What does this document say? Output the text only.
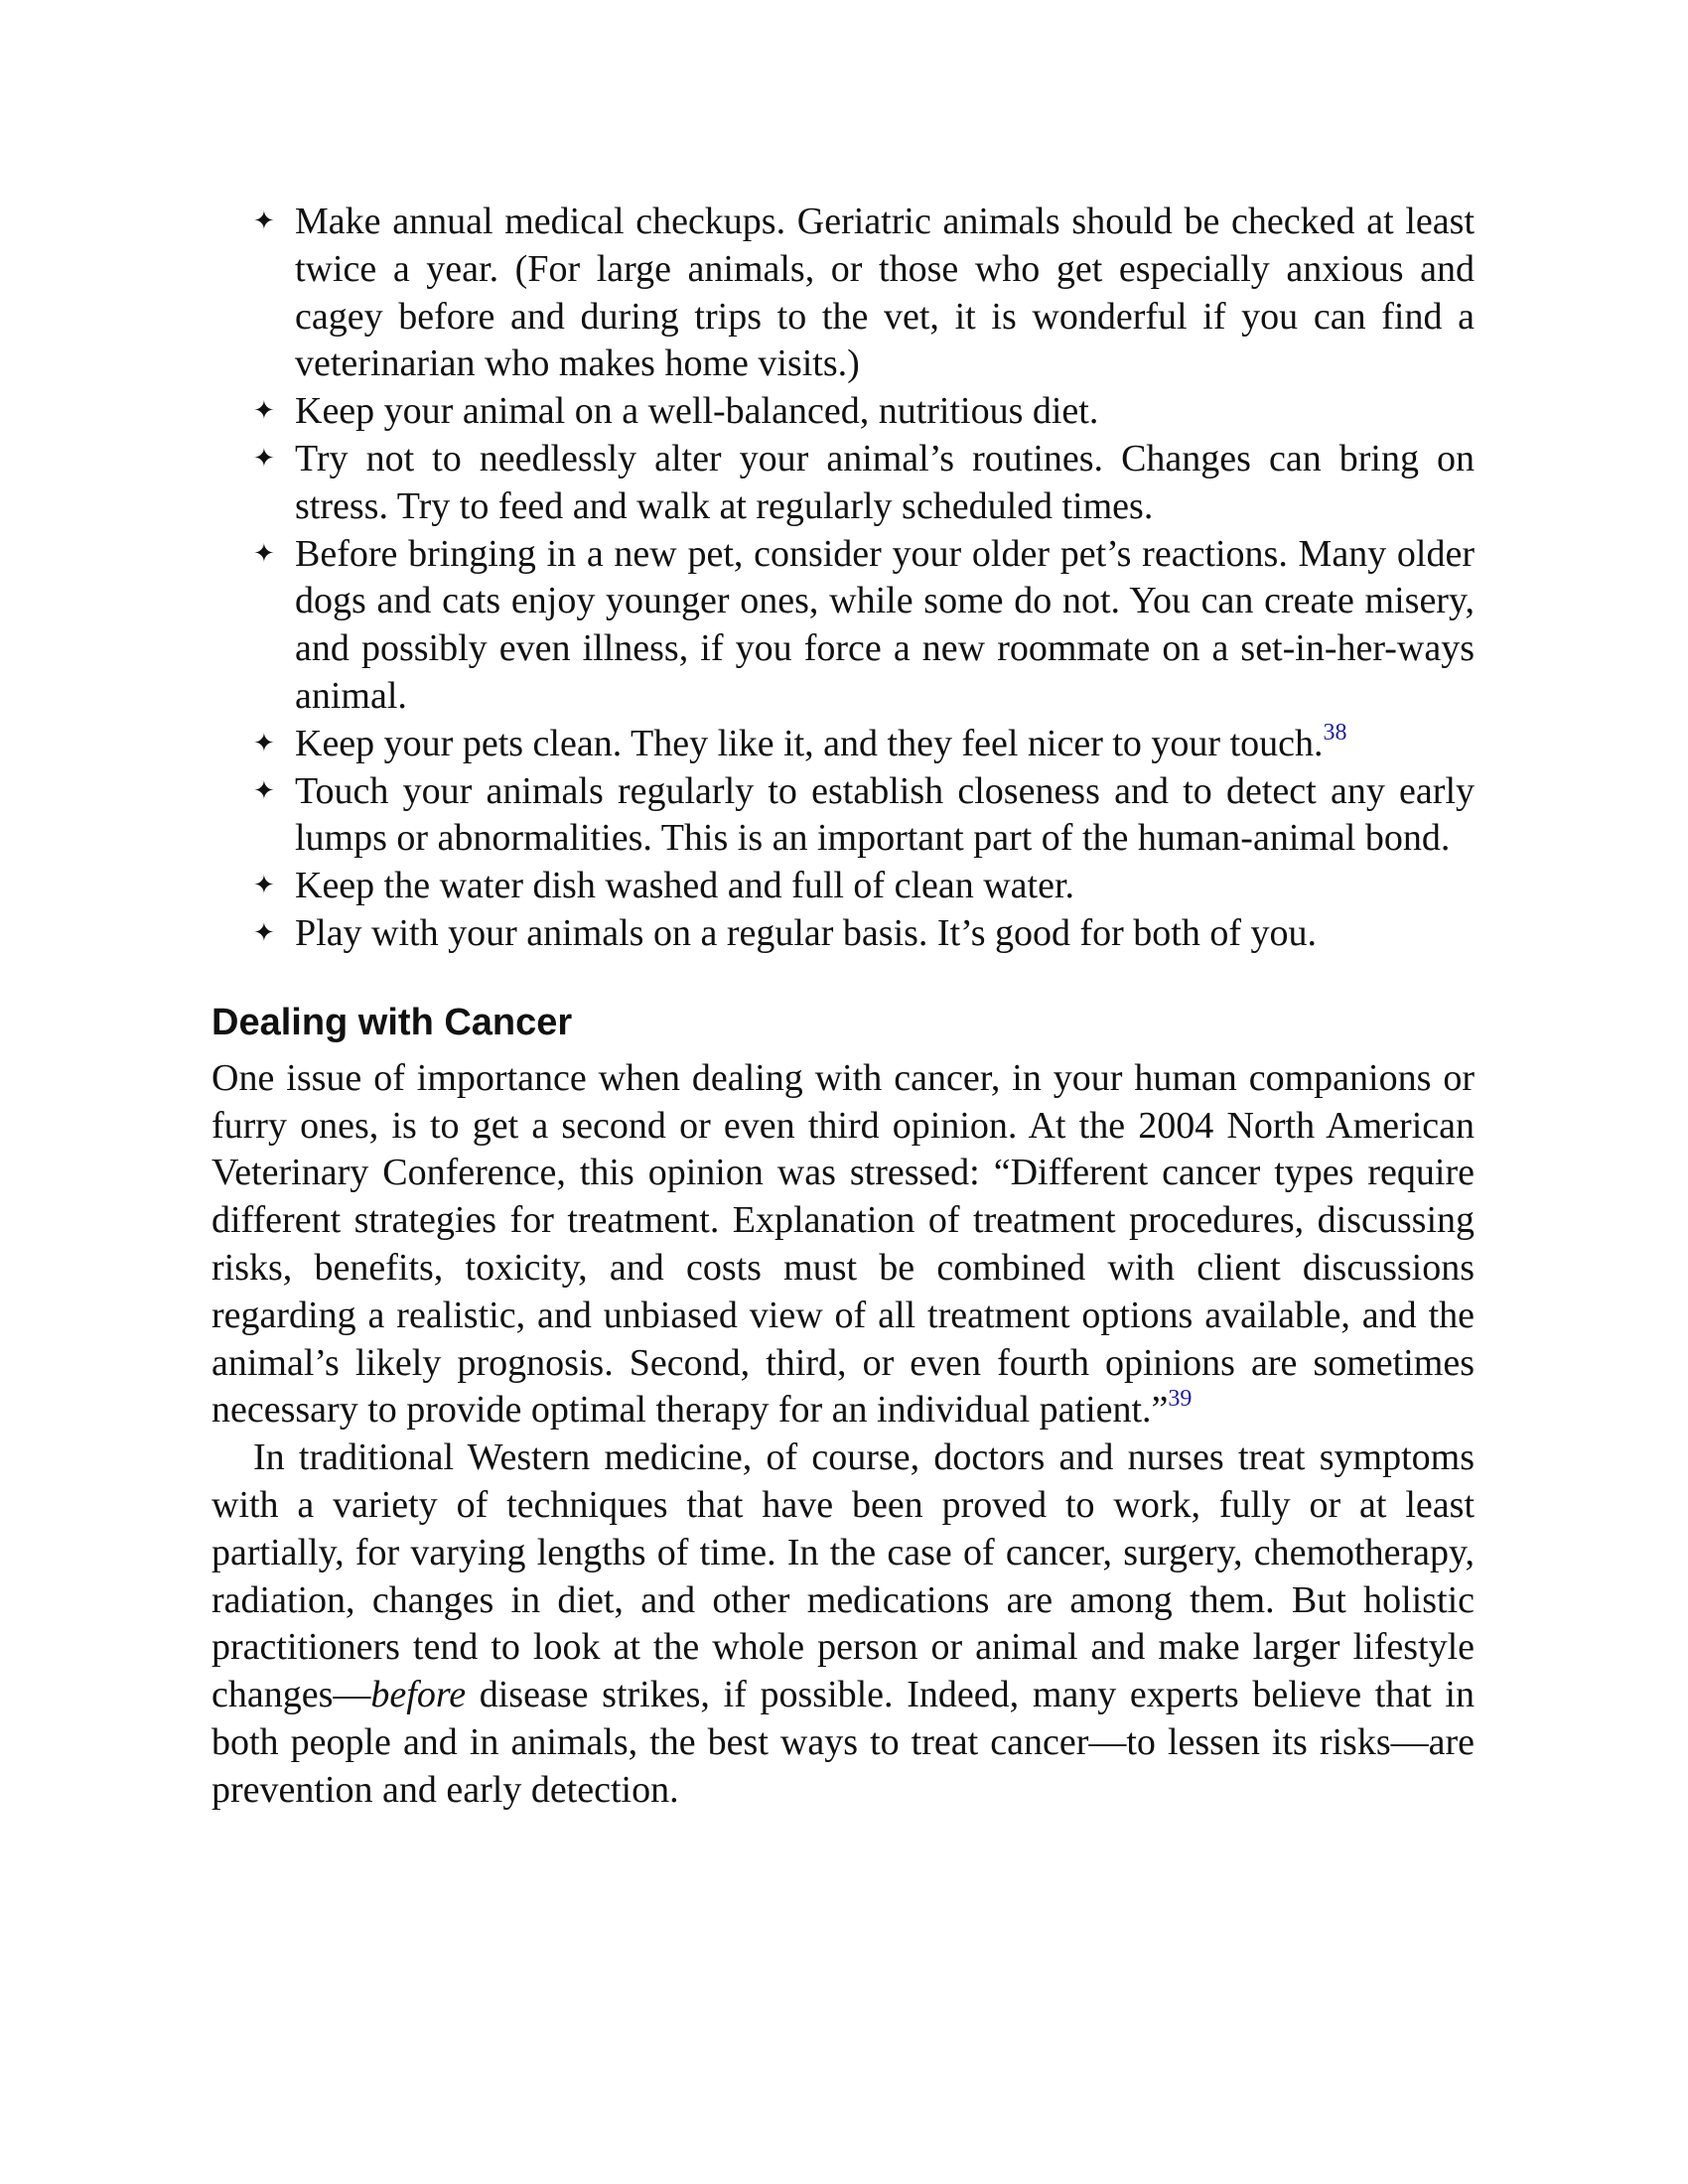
✦ Make annual medical checkups. Geriatric animals should be checked at least twice a year. (For large animals, or those who get especially anxious and cagey before and during trips to the vet, it is wonderful if you can find a veterinarian who makes home visits.)
✦ Keep your animal on a well-balanced, nutritious diet.
✦ Try not to needlessly alter your animal’s routines. Changes can bring on stress. Try to feed and walk at regularly scheduled times.
✦ Before bringing in a new pet, consider your older pet’s reactions. Many older dogs and cats enjoy younger ones, while some do not. You can create misery, and possibly even illness, if you force a new roommate on a set-in-her-ways animal.
✦ Keep your pets clean. They like it, and they feel nicer to your touch.$^{38}$
✦ Touch your animals regularly to establish closeness and to detect any early lumps or abnormalities. This is an important part of the human-animal bond.
✦ Keep the water dish washed and full of clean water.
✦ Play with your animals on a regular basis. It’s good for both of you.
Dealing with Cancer

One issue of importance when dealing with cancer, in your human companions or furry ones, is to get a second or even third opinion. At the 2004 North American Veterinary Conference, this opinion was stressed: “Different cancer types require different strategies for treatment. Explanation of treatment procedures, discussing risks, benefits, toxicity, and costs must be combined with client discussions regarding a realistic, and unbiased view of all treatment options available, and the animal’s likely prognosis. Second, third, or even fourth opinions are sometimes necessary to provide optimal therapy for an individual patient.”$^{39}$

In traditional Western medicine, of course, doctors and nurses treat symptoms with a variety of techniques that have been proved to work, fully or at least partially, for varying lengths of time. In the case of cancer, surgery, chemotherapy, radiation, changes in diet, and other medications are among them. But holistic practitioners tend to look at the whole person or animal and make larger lifestyle changes—before disease strikes, if possible. Indeed, many experts believe that in both people and in animals, the best ways to treat cancer—to lessen its risks—are prevention and early detection.
